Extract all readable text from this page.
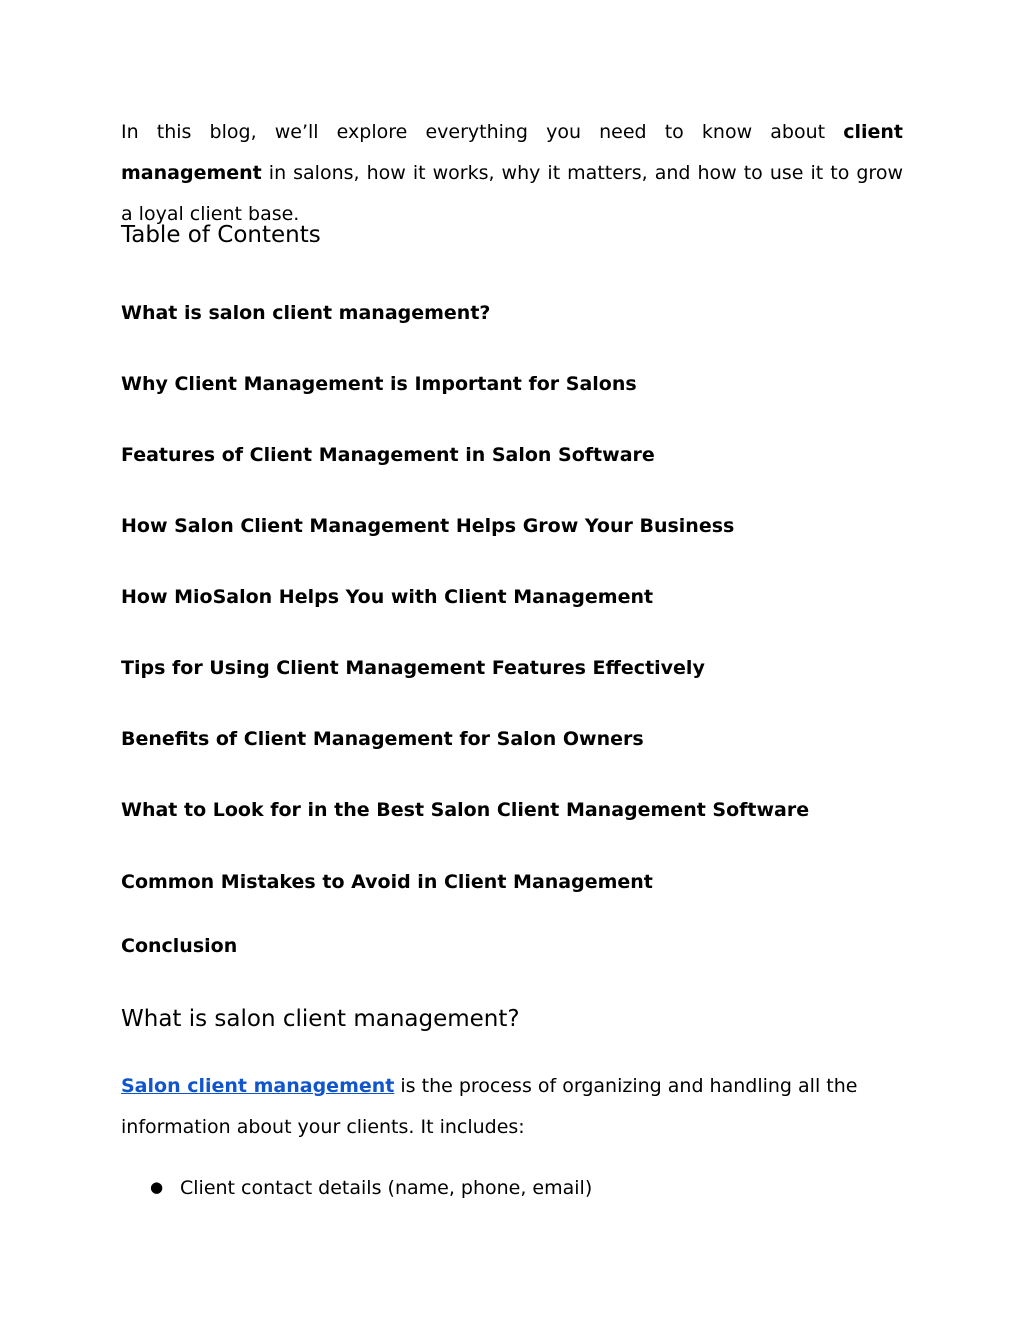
In this blog, we’ll explore everything you need to know about client management in salons, how it works, why it matters, and how to use it to grow a loyal client base.

Table of Contents
What is salon client management?
Why Client Management is Important for Salons
Features of Client Management in Salon Software
How Salon Client Management Helps Grow Your Business
How MioSalon Helps You with Client Management
Tips for Using Client Management Features Effectively
Benefits of Client Management for Salon Owners
What to Look for in the Best Salon Client Management Software
Common Mistakes to Avoid in Client Management
Conclusion
What is salon client management?

Salon client management is the process of organizing and handling all the information about your clients. It includes:

● Client contact details (name, phone, email)
